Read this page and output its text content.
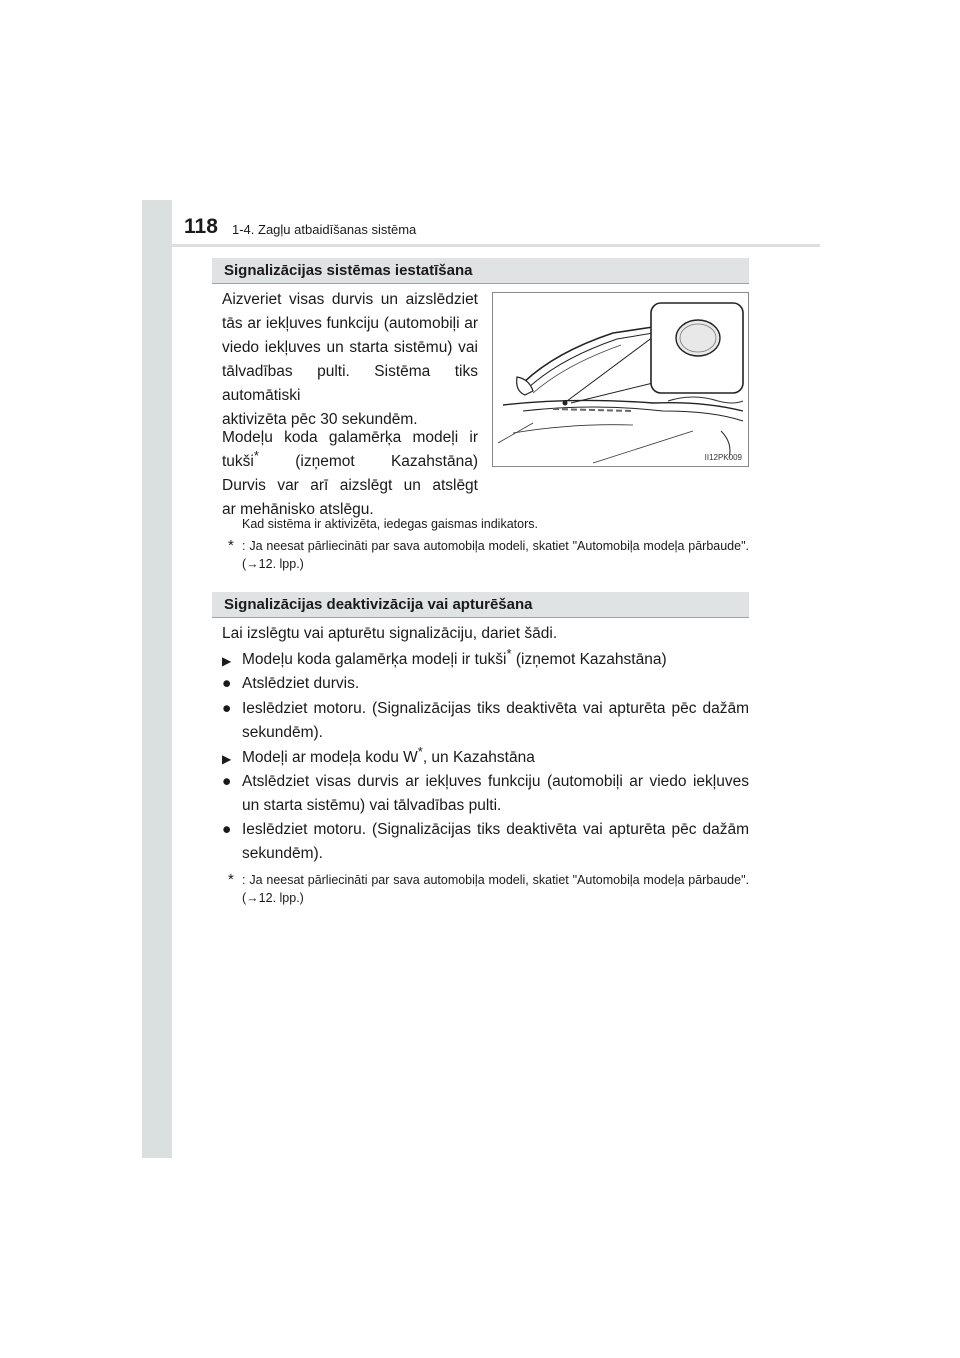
118 1-4. Zagļu atbaidīšanas sistēma
Signalizācijas sistēmas iestatīšana

Aizveriet visas durvis un aizslēdziet tās ar iekļuves funkciju (automobiļi ar viedo iekļuves un starta sistēmu) vai tālvadības pulti. Sistēma tiks automātiski
aktivizēta pēc 30 sekundēm.

Modeļu koda galamērķa modeļi ir
tukši* (izņemot Kazahstāna)
Durvis var arī aizslēgt un atslēgt
ar mehānisko atslēgu.
II12PK009

Kad sistēma ir aktivizēta, iedegas gaismas indikators.

* : Ja neesat pārliecināti par sava automobiļa modeli, skatiet "Automobiļa modeļa pārbaude". (→12. lpp.)
Signalizācijas deaktivizācija vai apturēšana

Lai izslēgtu vai apturētu signalizāciju, dariet šādi.

▶ Modeļu koda galamērķa modeļi ir tukši* (izņemot Kazahstāna)
● Atslēdziet durvis.
● Ieslēdziet motoru. (Signalizācijas tiks deaktivēta vai apturēta pēc dažām sekundēm).
▶ Modeļi ar modeļa kodu W*, un Kazahstāna
● Atslēdziet visas durvis ar iekļuves funkciju (automobiļi ar viedo iekļuves un starta sistēmu) vai tālvadības pulti.
● Ieslēdziet motoru. (Signalizācijas tiks deaktivēta vai apturēta pēc dažām sekundēm).
* : Ja neesat pārliecināti par sava automobiļa modeli, skatiet "Automobiļa modeļa pārbaude". (→12. lpp.)
